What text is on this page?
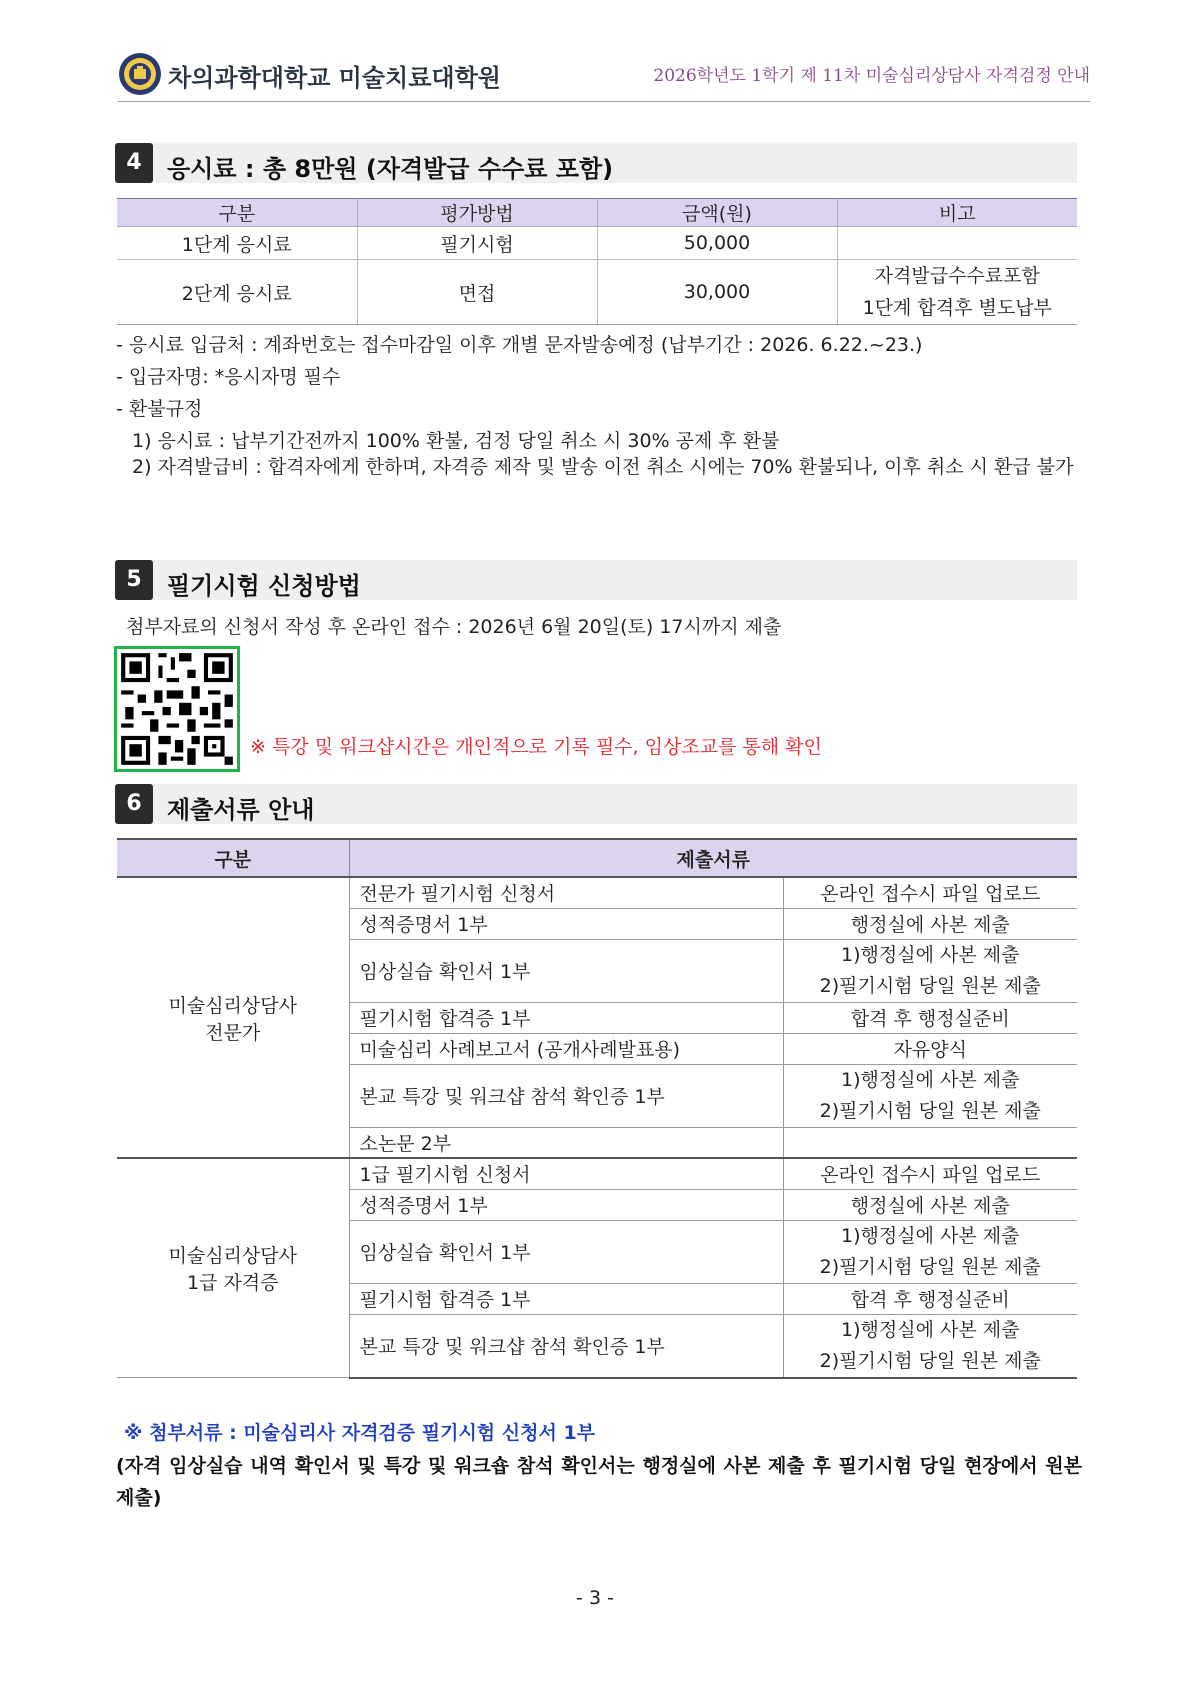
차의과학대학교 미술치료대학원	2026학년도 1학기 제 11차 미술심리상담사 자격검정 안내
4	응시료 : 총 8만원 (자격발급 수수료 포함)
구분	평가방법	금액(원)	비고
1단계 응시료	필기시험	50,000	
2단계 응시료	면접	30,000	자격발급수수료포함
1단계 합격후 별도납부
- 응시료 입금처 : 계좌번호는 접수마감일 이후 개별 문자발송예정 (납부기간 : 2026. 6.22.~23.)
- 입금자명: *응시자명 필수
- 환불규정
1) 응시료 : 납부기간전까지 100% 환불, 검정 당일 취소 시 30% 공제 후 환불
2) 자격발급비 : 합격자에게 한하며, 자격증 제작 및 발송 이전 취소 시에는 70% 환불되나, 이후 취소 시 환급 불가
5	필기시험 신청방법
첨부자료의 신청서 작성 후 온라인 접수 : 2026년 6월 20일(토) 17시까지 제출
※ 특강 및 워크샵시간은 개인적으로 기록 필수, 임상조교를 통해 확인
6	제출서류 안내
구분	제출서류	

미술심리상담사
전문가	전문가 필기시험 신청서	온라인 접수시 파일 업로드
	성적증명서 1부	행정실에 사본 제출
	임상실습 확인서 1부	1)행정실에 사본 제출
2)필기시험 당일 원본 제출

	필기시험 합격증 1부	합격 후 행정실준비
	미술심리 사례보고서 (공개사례발표용)	자유양식
	본교 특강 및 워크샵 참석 확인증 1부	1)행정실에 사본 제출
2)필기시험 당일 원본 제출

	소논문 2부	

미술심리상담사
1급 자격증	1급 필기시험 신청서	온라인 접수시 파일 업로드
	성적증명서 1부	행정실에 사본 제출
	임상실습 확인서 1부	1)행정실에 사본 제출
2)필기시험 당일 원본 제출

	필기시험 합격증 1부	합격 후 행정실준비
	본교 특강 및 워크샵 참석 확인증 1부	1)행정실에 사본 제출
2)필기시험 당일 원본 제출
※ 첨부서류 : 미술심리사 자격검증 필기시험 신청서 1부
(자격 임상실습 내역 확인서 및 특강 및 워크숍 참석 확인서는 행정실에 사본 제출 후 필기시험 당일 현장에서 원본 제출)
- 3 -
